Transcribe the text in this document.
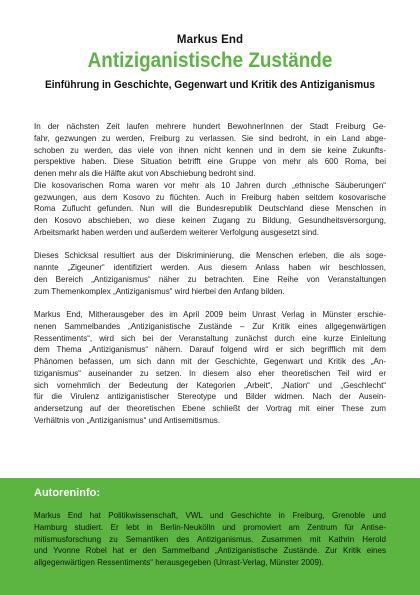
Markus End
Antiziganistische Zustände
Einführung in Geschichte, Gegenwart und Kritik des Antiziganismus

In der nächsten Zeit laufen mehrere hundert BewohnerInnen der Stadt Freiburg Ge-
fahr, gezwungen zu werden, Freiburg zu verlassen. Sie sind bedroht, in ein Land abge-
schoben zu werden, das viele von ihnen nicht kennen und in dem sie keine Zukunfts-
perspektive haben. Diese Situation betrifft eine Gruppe von mehr als 600 Roma, bei
denen mehr als die Hälfte akut von Abschiebung bedroht sind.
Die kosovarischen Roma waren vor mehr als 10 Jahren durch „ethnische Säuberungen“
gezwungen, aus dem Kosovo zu flüchten. Auch in Freiburg haben seitdem kosovarische
Roma Zuflucht gefunden. Nun will die Bundesrepublik Deutschland diese Menschen in
den Kosovo abschieben, wo diese keinen Zugang zu Bildung, Gesundheitsversorgung,
Arbeitsmarkt haben werden und außerdem weiterer Verfolgung ausgesetzt sind.

Dieses Schicksal resultiert aus der Diskriminierung, die Menschen erleben, die als soge-
nannte „Zigeuner“ identifiziert werden. Aus diesem Anlass haben wir beschlossen,
den Bereich „Antiziganismus“ näher zu betrachten. Eine Reihe von Veranstaltungen
zum Themenkomplex „Antiziganismus“ wird hierbei den Anfang bilden.

Markus End, Mitherausgeber des im April 2009 beim Unrast Verlag in Münster erschie-
nenen Sammelbandes „Antiziganistische Zustände – Zur Kritik eines allgegenwärtigen
Ressentiments“, wird sich bei der Veranstaltung zunächst durch eine kurze Einleitung
dem Thema „Antiziganismus“ nähern. Darauf folgend wird er sich begrifflich mit dem
Phänomen befassen, um sich dann mit der Geschichte, Gegenwart und Kritik des „An-
tiziganismus“ auseinander zu setzen. In diesem also eher theoretischen Teil wird er
sich vornehmlich der Bedeutung der Kategorien „Arbeit“, „Nation“ und „Geschlecht“
für die Virulenz antiziganistischer Stereotype und Bilder widmen. Nach der Ausein-
andersetzung auf der theoretischen Ebene schließt der Vortrag mit einer These zum
Verhältnis von „Antiziganismus“ und Antisemitismus.

Autoreninfo:
Markus End hat Politikwissenschaft, VWL und Geschichte in Freiburg, Grenoble und
Hamburg studiert. Er lebt in Berlin-Neukölln und promoviert am Zentrum für Antise-
mitismusforschung zu Semantiken des Antiziganismus. Zusammen mit Kathrin Herold
und Yvonne Robel hat er den Sammelband „Antiziganistische Zustände. Zur Kritik eines
allgegenwärtigen Ressentiments“ herausgegeben (Unrast-Verlag, Münster 2009).
